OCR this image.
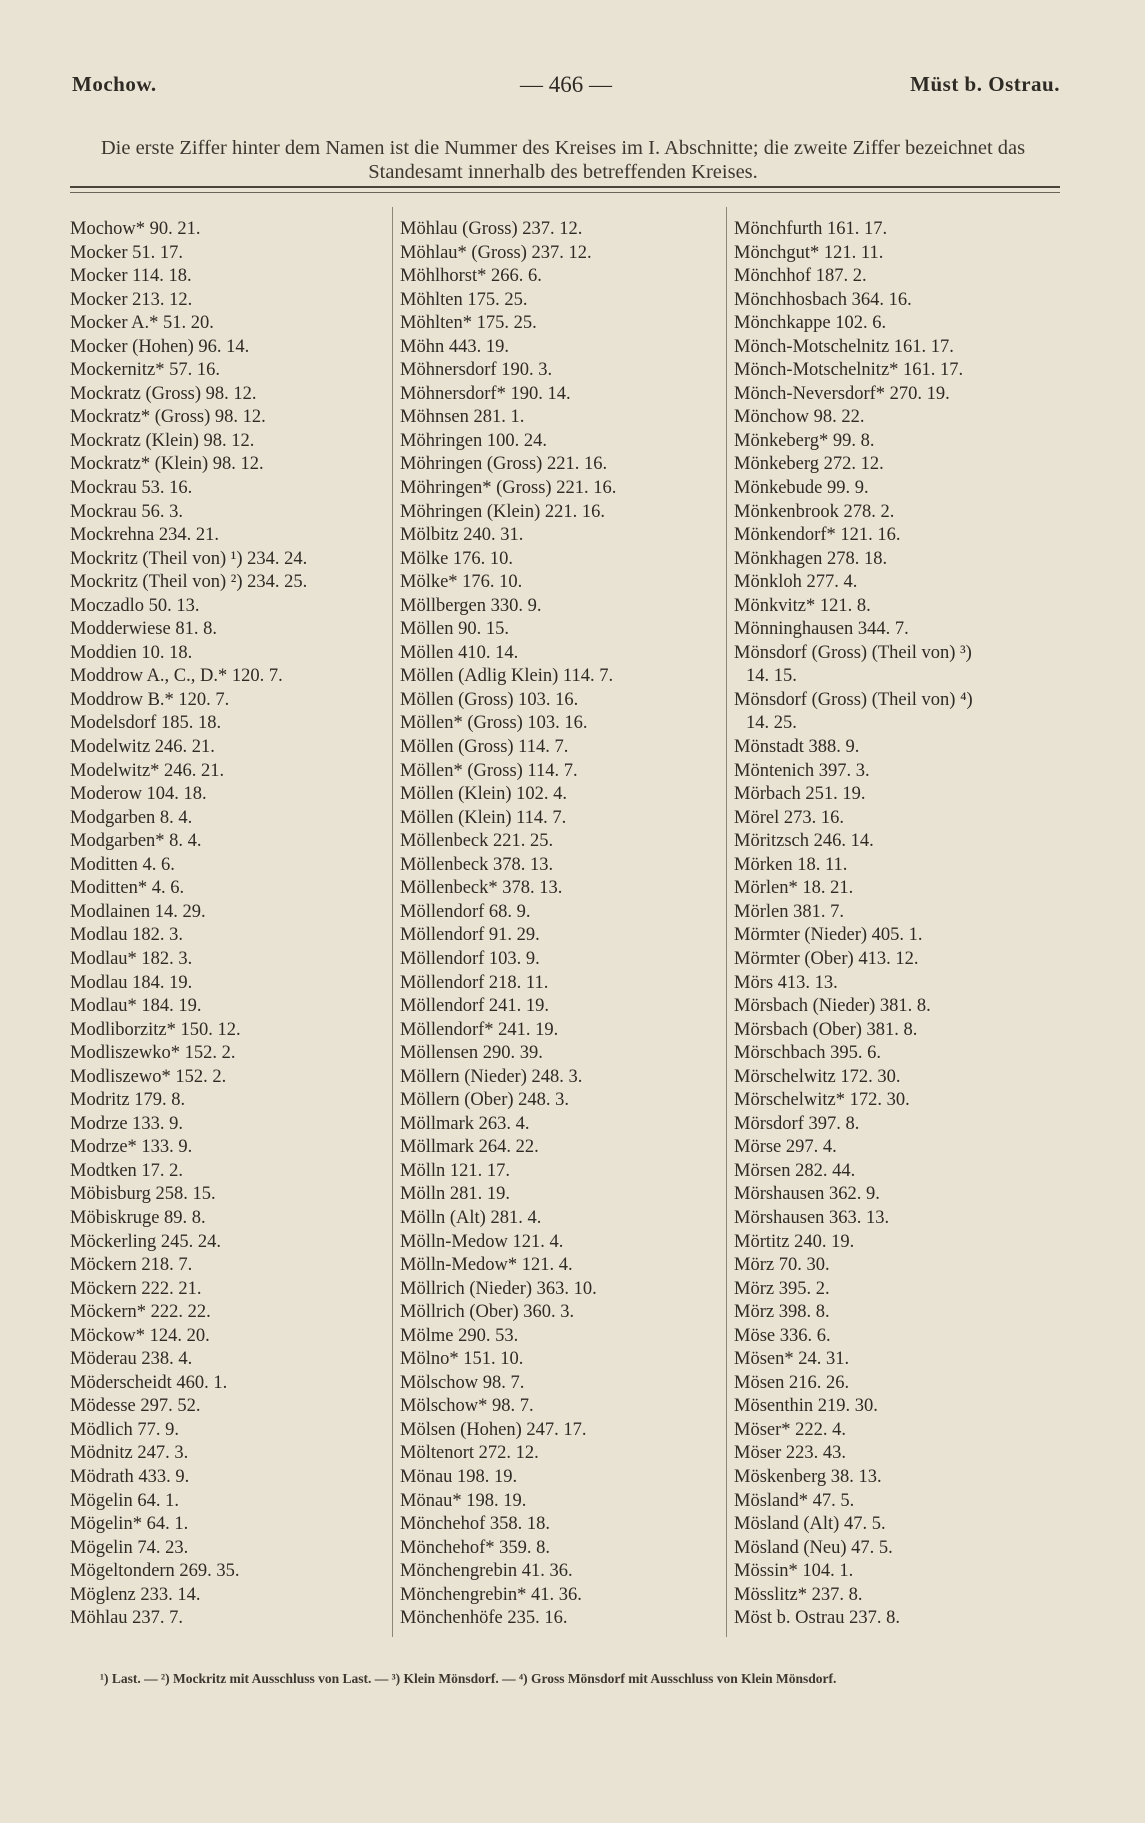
— 466 —
Mochow.	Müst b. Ostrau.
Die erste Ziffer hinter dem Namen ist die Nummer des Kreises im I. Abschnitte; die zweite Ziffer bezeichnet das Standesamt innerhalb des betreffenden Kreises.
Mochow* 90. 21.
Mocker 51. 17.
Mocker 114. 18.
Mocker 213. 12.
Mocker A.* 51. 20.
Mocker (Hohen) 96. 14.
Mockernitz* 57. 16.
Mockratz (Gross) 98. 12.
Mockratz* (Gross) 98. 12.
Mockratz (Klein) 98. 12.
Mockratz* (Klein) 98. 12.
Mockrau 53. 16.
Mockrau 56. 3.
Mockrehna 234. 21.
Mockritz (Theil von) ¹) 234. 24.
Mockritz (Theil von) ²) 234. 25.
Moczadlo 50. 13.
Modderwiese 81. 8.
Moddien 10. 18.
Moddrow A., C., D.* 120. 7.
Moddrow B.* 120. 7.
Modelsdorf 185. 18.
Modelwitz 246. 21.
Modelwitz* 246. 21.
Moderow 104. 18.
Modgarben 8. 4.
Modgarben* 8. 4.
Moditten 4. 6.
Moditten* 4. 6.
Modlainen 14. 29.
Modlau 182. 3.
Modlau* 182. 3.
Modlau 184. 19.
Modlau* 184. 19.
Modliborzitz* 150. 12.
Modliszewko* 152. 2.
Modliszewo* 152. 2.
Modritz 179. 8.
Modrze 133. 9.
Modrze* 133. 9.
Modtken 17. 2.
Möbisburg 258. 15.
Möbiskruge 89. 8.
Möckerling 245. 24.
Möckern 218. 7.
Möckern 222. 21.
Möckern* 222. 22.
Möckow* 124. 20.
Möderau 238. 4.
Möderscheidt 460. 1.
Mödesse 297. 52.
Mödlich 77. 9.
Mödnitz 247. 3.
Mödrath 433. 9.
Mögelin 64. 1.
Mögelin* 64. 1.
Mögelin 74. 23.
Mögeltondern 269. 35.
Möglenz 233. 14.
Möhlau 237. 7.
Möhlau (Gross) 237. 12.
Möhlau* (Gross) 237. 12.
Möhlhorst* 266. 6.
Möhlten 175. 25.
Möhlten* 175. 25.
Möhn 443. 19.
Möhnersdorf 190. 3.
Möhnersdorf* 190. 14.
Möhnsen 281. 1.
Möhringen 100. 24.
Möhringen (Gross) 221. 16.
Möhringen* (Gross) 221. 16.
Möhringen (Klein) 221. 16.
Mölbitz 240. 31.
Mölke 176. 10.
Mölke* 176. 10.
Möllbergen 330. 9.
Möllen 90. 15.
Möllen 410. 14.
Möllen (Adlig Klein) 114. 7.
Möllen (Gross) 103. 16.
Möllen* (Gross) 103. 16.
Möllen (Gross) 114. 7.
Möllen* (Gross) 114. 7.
Möllen (Klein) 102. 4.
Möllen (Klein) 114. 7.
Möllenbeck 221. 25.
Möllenbeck 378. 13.
Möllenbeck* 378. 13.
Möllendorf 68. 9.
Möllendorf 91. 29.
Möllendorf 103. 9.
Möllendorf 218. 11.
Möllendorf 241. 19.
Möllendorf* 241. 19.
Möllensen 290. 39.
Möllern (Nieder) 248. 3.
Möllern (Ober) 248. 3.
Möllmark 263. 4.
Möllmark 264. 22.
Mölln 121. 17.
Mölln 281. 19.
Mölln (Alt) 281. 4.
Mölln-Medow 121. 4.
Mölln-Medow* 121. 4.
Möllrich (Nieder) 363. 10.
Möllrich (Ober) 360. 3.
Mölme 290. 53.
Mölno* 151. 10.
Mölschow 98. 7.
Mölschow* 98. 7.
Mölsen (Hohen) 247. 17.
Möltenort 272. 12.
Mönau 198. 19.
Mönau* 198. 19.
Mönchehof 358. 18.
Mönchehof* 359. 8.
Mönchengrebin 41. 36.
Mönchengrebin* 41. 36.
Mönchenhöfe 235. 16.
Mönchfurth 161. 17.
Mönchgut* 121. 11.
Mönchhof 187. 2.
Mönchhosbach 364. 16.
Mönchkappe 102. 6.
Mönch-Motschelnitz 161. 17.
Mönch-Motschelnitz* 161. 17.
Mönch-Neversdorf* 270. 19.
Mönchow 98. 22.
Mönkeberg* 99. 8.
Mönkeberg 272. 12.
Mönkebude 99. 9.
Mönkenbrook 278. 2.
Mönkendorf* 121. 16.
Mönkhagen 278. 18.
Mönkloh 277. 4.
Mönkvitz* 121. 8.
Mönninghausen 344. 7.
Mönsdorf (Gross) (Theil von) ³)
14. 15.
Mönsdorf (Gross) (Theil von) ⁴)
14. 25.
Mönstadt 388. 9.
Möntenich 397. 3.
Mörbach 251. 19.
Mörel 273. 16.
Möritzsch 246. 14.
Mörken 18. 11.
Mörlen* 18. 21.
Mörlen 381. 7.
Mörmter (Nieder) 405. 1.
Mörmter (Ober) 413. 12.
Mörs 413. 13.
Mörsbach (Nieder) 381. 8.
Mörsbach (Ober) 381. 8.
Mörschbach 395. 6.
Mörschelwitz 172. 30.
Mörschelwitz* 172. 30.
Mörsdorf 397. 8.
Mörse 297. 4.
Mörsen 282. 44.
Mörshausen 362. 9.
Mörshausen 363. 13.
Mörtitz 240. 19.
Mörz 70. 30.
Mörz 395. 2.
Mörz 398. 8.
Möse 336. 6.
Mösen* 24. 31.
Mösen 216. 26.
Mösenthin 219. 30.
Möser* 222. 4.
Möser 223. 43.
Möskenberg 38. 13.
Mösland* 47. 5.
Mösland (Alt) 47. 5.
Mösland (Neu) 47. 5.
Mössin* 104. 1.
Mösslitz* 237. 8.
Möst b. Ostrau 237. 8.
¹) Last. — ²) Mockritz mit Ausschluss von Last. — ³) Klein Mönsdorf. — ⁴) Gross Mönsdorf mit Ausschluss von Klein Mönsdorf.
